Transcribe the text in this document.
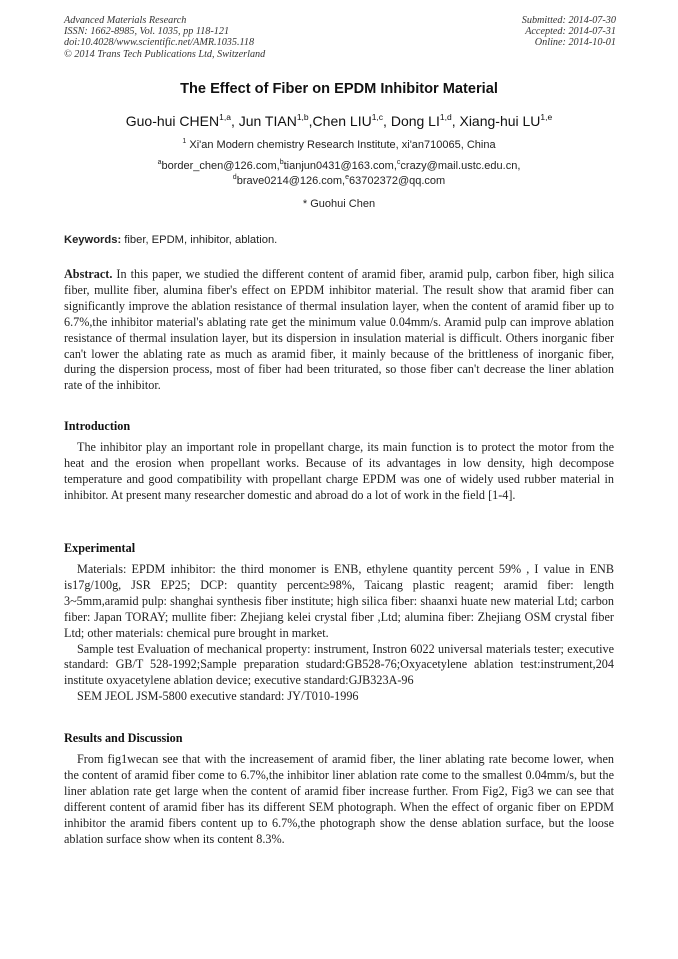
Advanced Materials Research
ISSN: 1662-8985, Vol. 1035, pp 118-121
doi:10.4028/www.scientific.net/AMR.1035.118
© 2014 Trans Tech Publications Ltd, Switzerland
Submitted: 2014-07-30
Accepted: 2014-07-31
Online: 2014-10-01
The Effect of Fiber on EPDM Inhibitor Material
Guo-hui CHEN$^{1,a}$, Jun TIAN$^{1,b}$,Chen LIU$^{1,c}$, Dong LI$^{1,d}$, Xiang-hui LU$^{1,e}$
$^1$ Xi'an Modern chemistry Research Institute, xi'an710065, China
$^a$border_chen@126.com,$^b$tianjun0431@163.com,$^c$crazy@mail.ustc.edu.cn,
$^d$brave0214@126.com,$^e$63702372@qq.com
* Guohui Chen
Keywords: fiber, EPDM, inhibitor, ablation.
Abstract. In this paper, we studied the different content of aramid fiber, aramid pulp, carbon fiber, high silica fiber, mullite fiber, alumina fiber's effect on EPDM inhibitor material. The result show that aramid fiber can significantly improve the ablation resistance of thermal insulation layer, when the content of aramid fiber up to 6.7%,the inhibitor material's ablating rate get the minimum value 0.04mm/s. Aramid pulp can improve ablation resistance of thermal insulation layer, but its dispersion in insulation material is difficult. Others inorganic fiber can't lower the ablating rate as much as aramid fiber, it mainly because of the brittleness of inorganic fiber, during the dispersion process, most of fiber had been triturated, so those fiber can't decrease the liner ablation rate of the inhibitor.
Introduction

The inhibitor play an important role in propellant charge, its main function is to protect the motor from the heat and the erosion when propellant works. Because of its advantages in low density, high decompose temperature and good compatibility with propellant charge EPDM was one of widely used rubber material in inhibitor. At present many researcher domestic and abroad do a lot of work in the field [1-4].

Experimental

Materials: EPDM inhibitor: the third monomer is ENB, ethylene quantity percent 59% , I value in ENB is17g/100g, JSR EP25; DCP: quantity percent≥98%, Taicang plastic reagent; aramid fiber: length 3~5mm,aramid pulp: shanghai synthesis fiber institute; high silica fiber: shaanxi huate new material Ltd; carbon fiber: Japan TORAY; mullite fiber: Zhejiang kelei crystal fiber ,Ltd; alumina fiber: Zhejiang OSM crystal fiber Ltd; other materials: chemical pure brought in market.

Sample test Evaluation of mechanical property: instrument, Instron 6022 universal materials tester; executive standard: GB/T 528-1992;Sample preparation studard:GB528-76;Oxyacetylene ablation test:instrument,204 institute oxyacetylene ablation device; executive standard:GJB323A-96

SEM JEOL JSM-5800 executive standard: JY/T010-1996

Results and Discussion

From fig1wecan see that with the increasement of aramid fiber, the liner ablating rate become lower, when the content of aramid fiber come to 6.7%,the inhibitor liner ablation rate come to the smallest 0.04mm/s, but the liner ablation rate get large when the content of aramid fiber increase further. From Fig2, Fig3 we can see that different content of aramid fiber has its different SEM photograph. When the effect of organic fiber on EPDM inhibitor the aramid fibers content up to 6.7%,the photograph show the dense ablation surface, but the loose ablation surface show when its content 8.3%.
